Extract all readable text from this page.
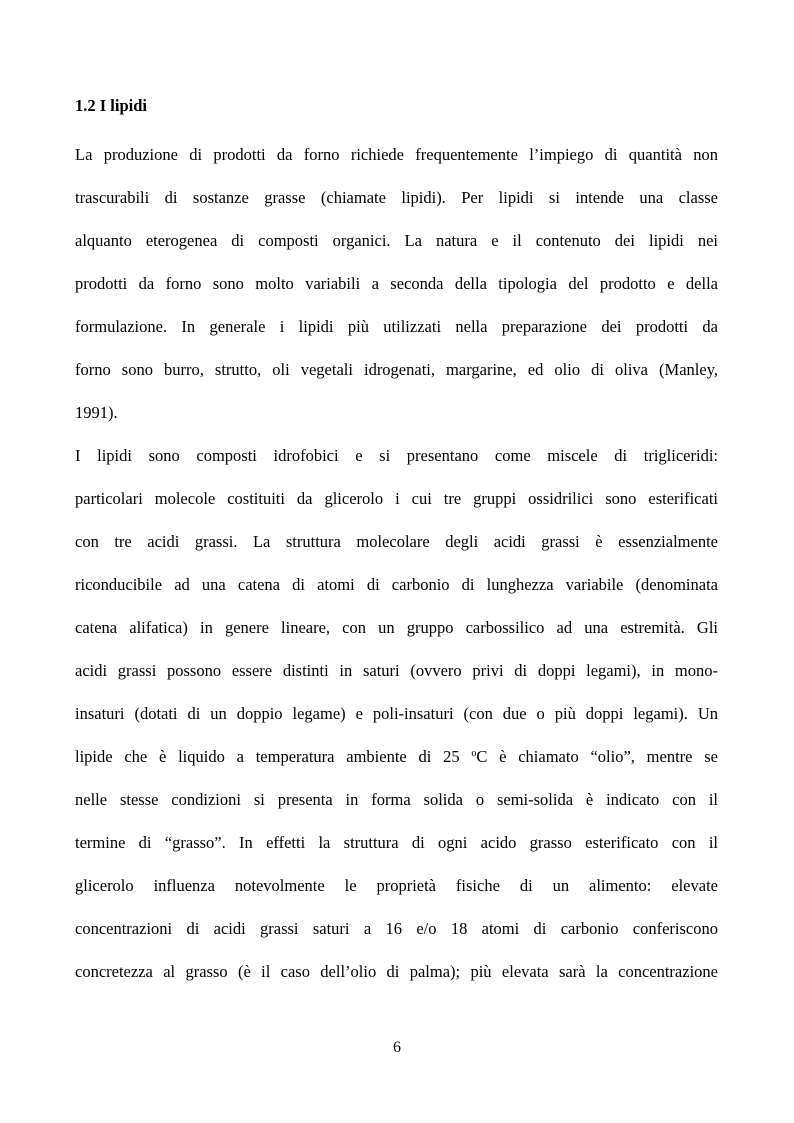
1.2 I lipidi

La produzione di prodotti da forno richiede frequentemente l’impiego di quantità non

trascurabili di sostanze grasse (chiamate lipidi). Per lipidi si intende una classe

alquanto eterogenea di composti organici. La natura e il contenuto dei lipidi nei

prodotti da forno sono molto variabili a seconda della tipologia del prodotto e della

formulazione. In generale i lipidi più utilizzati nella preparazione dei prodotti da

forno sono burro, strutto, oli vegetali idrogenati, margarine, ed olio di oliva (Manley,

1991).

I lipidi sono composti idrofobici e si presentano come miscele di trigliceridi:

particolari molecole costituiti da glicerolo i cui tre gruppi ossidrilici sono esterificati

con tre acidi grassi. La struttura molecolare degli acidi grassi è essenzialmente

riconducibile ad una catena di atomi di carbonio di lunghezza variabile (denominata

catena alifatica) in genere lineare, con un gruppo carbossilico ad una estremità. Gli

acidi grassi possono essere distinti in saturi (ovvero privi di doppi legami), in mono-

insaturi (dotati di un doppio legame) e poli-insaturi (con due o più doppi legami). Un

lipide che è liquido a temperatura ambiente di 25 $^o$C è chiamato “olio”, mentre se

nelle stesse condizioni si presenta in forma solida o semi-solida è indicato con il

termine di “grasso”. In effetti la struttura di ogni acido grasso esterificato con il

glicerolo influenza notevolmente le proprietà fisiche di un alimento: elevate

concentrazioni di acidi grassi saturi a 16 e/o 18 atomi di carbonio conferiscono

concretezza al grasso (è il caso dell’olio di palma); più elevata sarà la concentrazione

6
